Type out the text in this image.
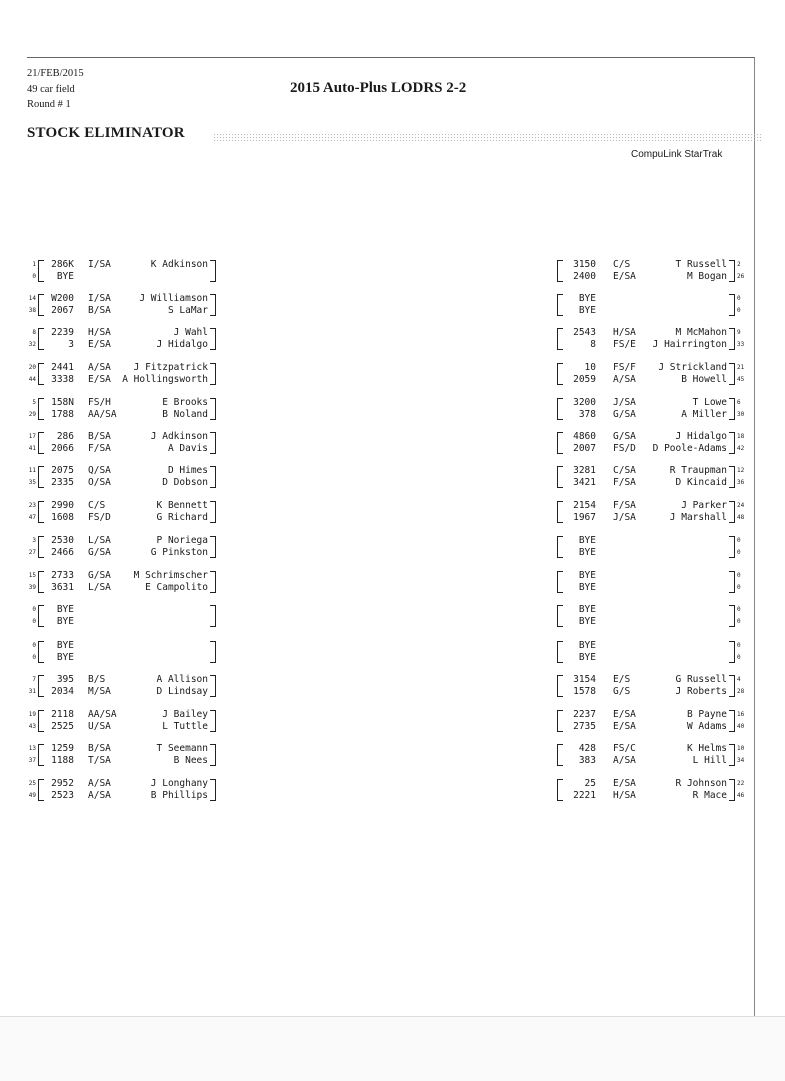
21/FEB/2015
49 car field
Round # 1
2015 Auto-Plus LODRS 2-2
STOCK ELIMINATOR
CompuLink StarTrak
1
0
286K
BYE
I/SA	K Adkinson
14
38
W200
2067
I/SA
B/SA
J Williamson
S LaMar
8
32
2239
3
H/SA
E/SA
J Wahl
J Hidalgo
20
44
2441
3338
A/SA
E/SA
J Fitzpatrick
A Hollingsworth
5
29
158N
1788
FS/H
AA/SA
E Brooks
B Noland
17
41
286
2066
B/SA
F/SA
J Adkinson
A Davis
11
35
2075
2335
Q/SA
O/SA
D Himes
D Dobson
23
47
2990
1608
C/S
FS/D
K Bennett
G Richard
3
27
2530
2466
L/SA
G/SA
P Noriega
G Pinkston
15
39
2733
3631
G/SA
L/SA
M Schrimscher
E Campolito
0
0
BYE
BYE
0
0
BYE
BYE
7
31
395
2034
B/S
M/SA
A Allison
D Lindsay
19
43
2118
2525
AA/SA
U/SA
J Bailey
L Tuttle
13
37
1259
1188
B/SA
T/SA
T Seemann
B Nees
25
49
2952
2523
A/SA
A/SA
J Longhany
B Phillips
3150
2400
C/S
E/SA
T Russell
M Bogan
2
26
BYE
BYE
0
0
2543
8
H/SA
FS/E
M McMahon
J Hairrington
9
33
10
2059
FS/F
A/SA
J Strickland
B Howell
21
45
3200
378
J/SA
G/SA
T Lowe
A Miller
6
30
4860
2007
G/SA
FS/D
J Hidalgo
D Poole-Adams
18
42
3281
3421
C/SA
F/SA
R Traupman
D Kincaid
12
36
2154
1967
F/SA
J/SA
J Parker
J Marshall
24
48
BYE
BYE
0
0
BYE
BYE
0
0
BYE
BYE
0
0
BYE
BYE
0
0
3154
1578
E/S
G/S
G Russell
J Roberts
4
28
2237
2735
E/SA
E/SA
B Payne
W Adams
16
40
428
383
FS/C
A/SA
K Helms
L Hill
10
34
25
2221
E/SA
H/SA
R Johnson
R Mace
22
46
